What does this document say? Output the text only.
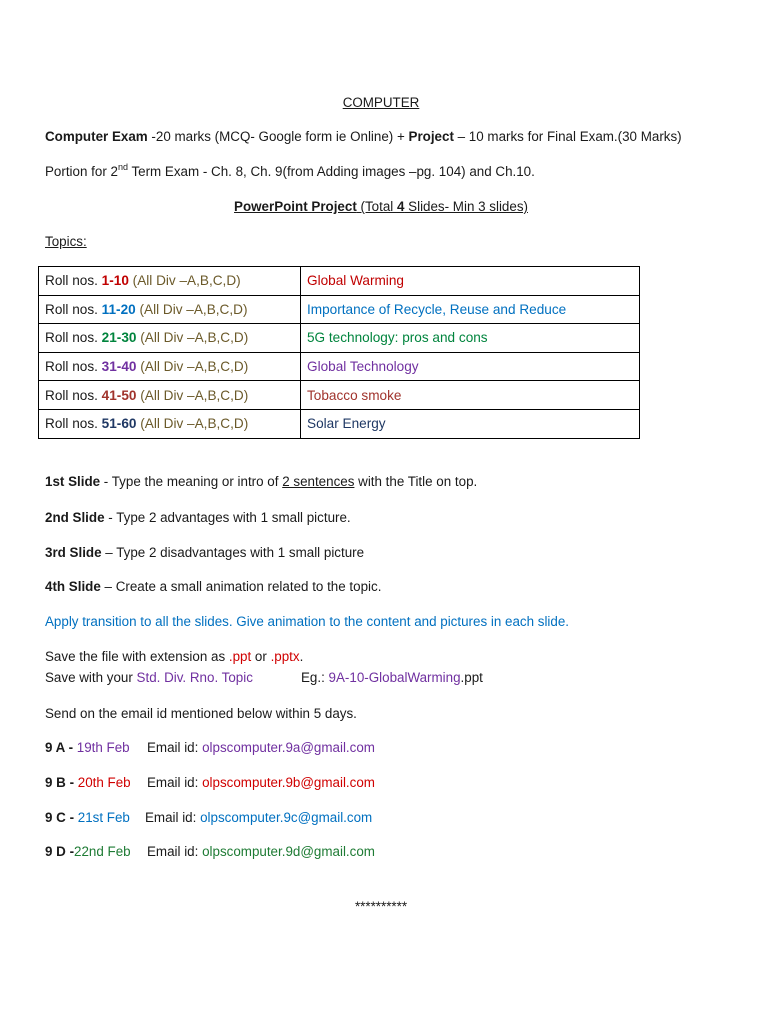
COMPUTER
Computer Exam -20 marks (MCQ- Google form ie Online) + Project – 10 marks for Final Exam.(30 Marks)
Portion for 2nd Term Exam - Ch. 8, Ch. 9(from Adding images –pg. 104) and Ch.10.
PowerPoint Project (Total 4 Slides- Min 3 slides)
Topics:
Roll nos. 1-10 (All Div –A,B,C,D)	Global Warming
Roll nos. 11-20 (All Div –A,B,C,D)	Importance of Recycle, Reuse and Reduce
Roll nos. 21-30 (All Div –A,B,C,D)	5G technology: pros and cons
Roll nos. 31-40 (All Div –A,B,C,D)	Global Technology
Roll nos. 41-50 (All Div –A,B,C,D)	Tobacco smoke
Roll nos. 51-60 (All Div –A,B,C,D)	Solar Energy
1st Slide - Type the meaning or intro of 2 sentences with the Title on top.
2nd Slide - Type 2 advantages with 1 small picture.
3rd Slide – Type 2 disadvantages with 1 small picture
4th Slide – Create a small animation related to the topic.
Apply transition to all the slides. Give animation to the content and pictures in each slide.
Save the file with extension as .ppt or .pptx.
Save with your Std. Div. Rno. Topic	Eg.: 9A-10-GlobalWarming.ppt
Send on the email id mentioned below within 5 days.
9 A - 19th Feb Email id: olpscomputer.9a@gmail.com
9 B - 20th Feb Email id: olpscomputer.9b@gmail.com
9 C - 21st Feb Email id: olpscomputer.9c@gmail.com
9 D -22nd Feb Email id: olpscomputer.9d@gmail.com
**********
